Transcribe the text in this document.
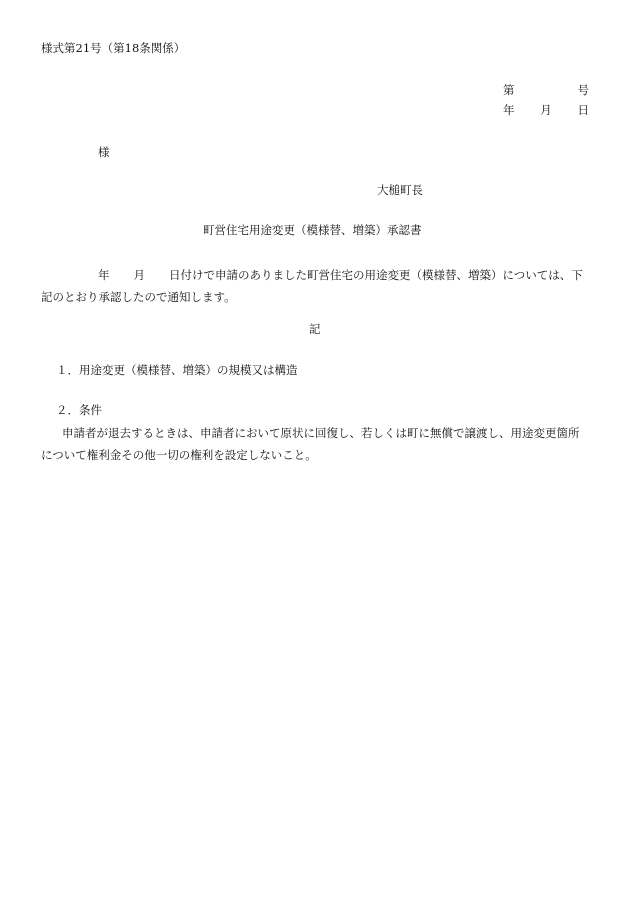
様式第21号（第18条関係）
第	号
年 月 日
様
大槌町長
町営住宅用途変更（模様替、増築）承認書
年 月 日付けで申請のありました町営住宅の用途変更（模様替、増築）については、下
記のとおり承認したので通知します。
記
１．用途変更（模様替、増築）の規模又は構造
２．条件
申請者が退去するときは、申請者において原状に回復し、若しくは町に無償で譲渡し、用途変更箇所
について権利金その他一切の権利を設定しないこと。
